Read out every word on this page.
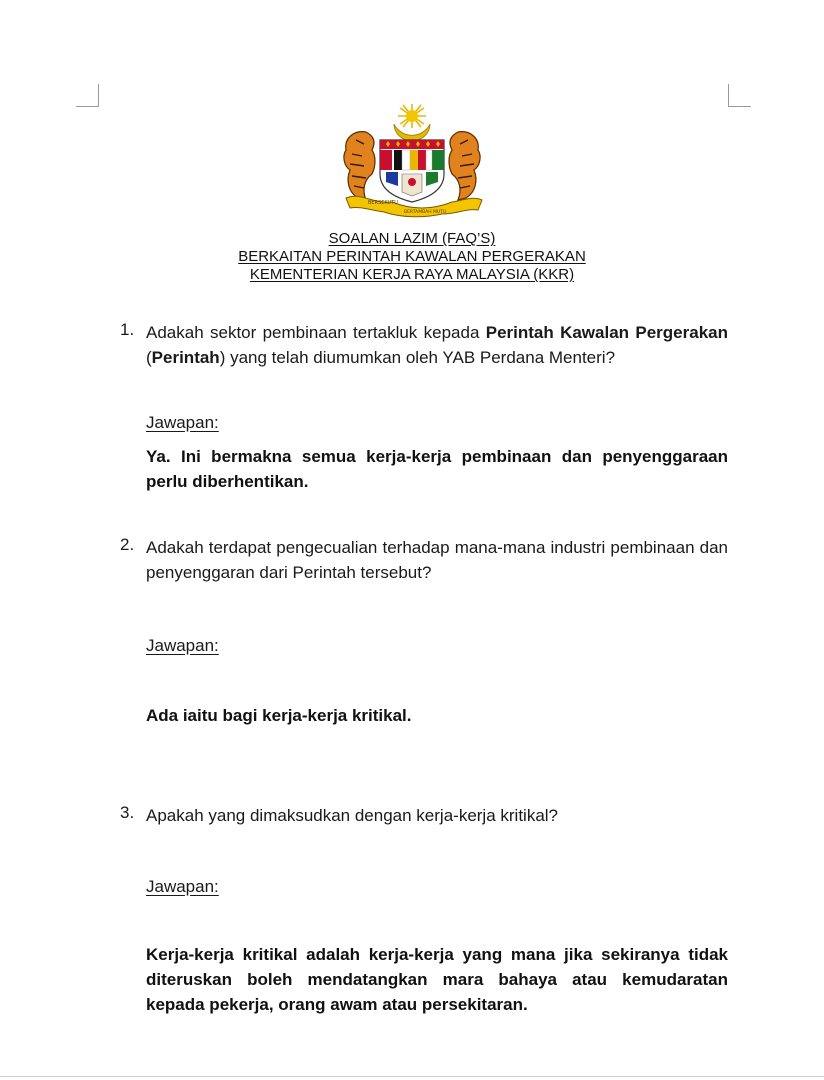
BERSEKUTU
BERTAMBAH MUTU
SOALAN LAZIM (FAQ’S)
BERKAITAN PERINTAH KAWALAN PERGERAKAN
KEMENTERIAN KERJA RAYA MALAYSIA (KKR)
1. Adakah sektor pembinaan tertakluk kepada Perintah Kawalan Pergerakan (Perintah) yang telah diumumkan oleh YAB Perdana Menteri?
Jawapan:
Ya. Ini bermakna semua kerja-kerja pembinaan dan penyenggaraan perlu diberhentikan.
2. Adakah terdapat pengecualian terhadap mana-mana industri pembinaan dan penyenggaran dari Perintah tersebut?
Jawapan:
Ada iaitu bagi kerja-kerja kritikal.
3. Apakah yang dimaksudkan dengan kerja-kerja kritikal?
Jawapan:
Kerja-kerja kritikal adalah kerja-kerja yang mana jika sekiranya tidak diteruskan boleh mendatangkan mara bahaya atau kemudaratan kepada pekerja, orang awam atau persekitaran.
